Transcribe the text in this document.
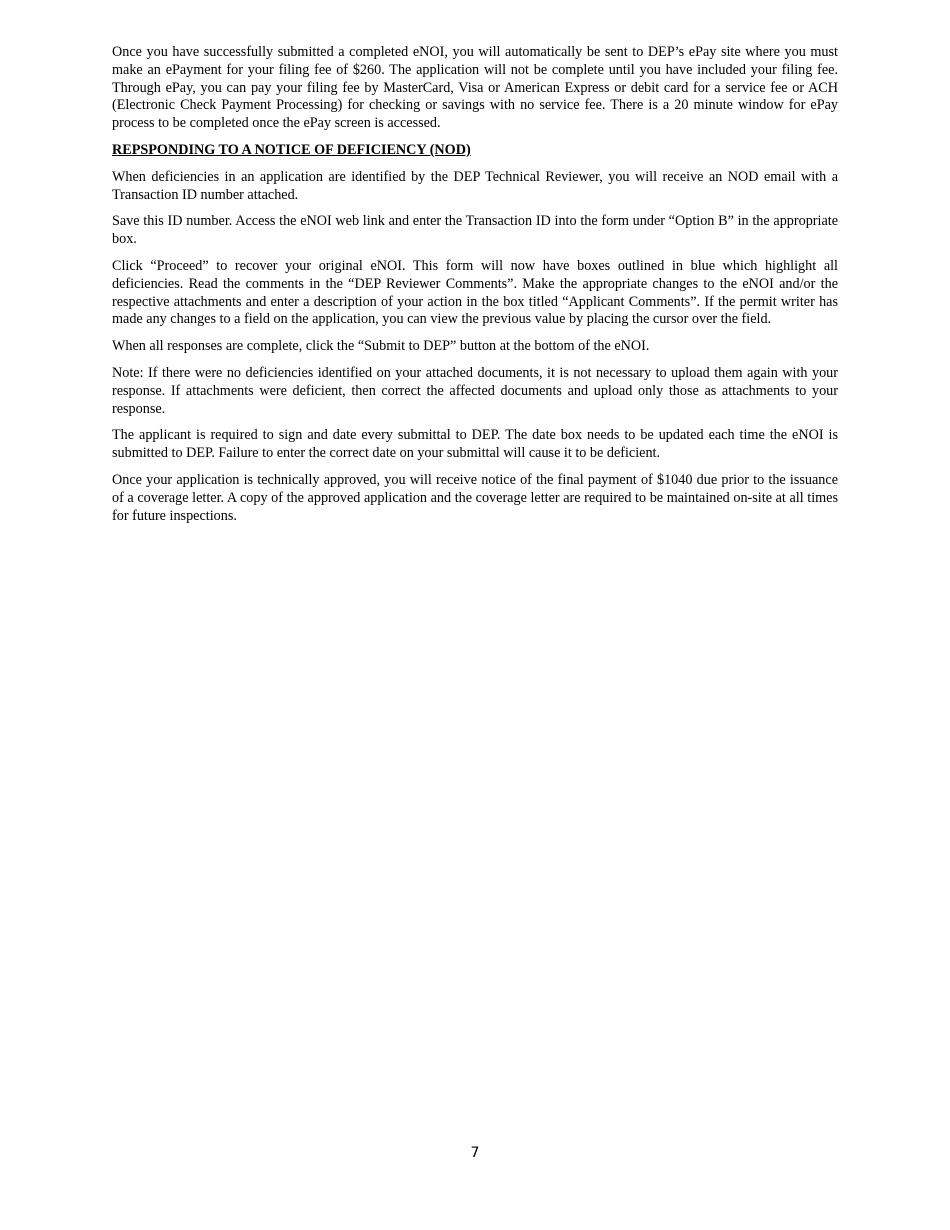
Once you have successfully submitted a completed eNOI, you will automatically be sent to DEP’s ePay site where you must make an ePayment for your filing fee of $260. The application will not be complete until you have included your filing fee. Through ePay, you can pay your filing fee by MasterCard, Visa or American Express or debit card for a service fee or ACH (Electronic Check Payment Processing) for checking or savings with no service fee. There is a 20 minute window for ePay process to be completed once the ePay screen is accessed.

REPSPONDING TO A NOTICE OF DEFICIENCY (NOD)

When deficiencies in an application are identified by the DEP Technical Reviewer, you will receive an NOD email with a Transaction ID number attached.

Save this ID number. Access the eNOI web link and enter the Transaction ID into the form under “Option B” in the appropriate box.

Click “Proceed” to recover your original eNOI. This form will now have boxes outlined in blue which highlight all deficiencies. Read the comments in the “DEP Reviewer Comments”. Make the appropriate changes to the eNOI and/or the respective attachments and enter a description of your action in the box titled “Applicant Comments”. If the permit writer has made any changes to a field on the application, you can view the previous value by placing the cursor over the field.

When all responses are complete, click the “Submit to DEP” button at the bottom of the eNOI.

Note: If there were no deficiencies identified on your attached documents, it is not necessary to upload them again with your response. If attachments were deficient, then correct the affected documents and upload only those as attachments to your response.

The applicant is required to sign and date every submittal to DEP. The date box needs to be updated each time the eNOI is submitted to DEP. Failure to enter the correct date on your submittal will cause it to be deficient.

Once your application is technically approved, you will receive notice of the final payment of $1040 due prior to the issuance of a coverage letter. A copy of the approved application and the coverage letter are required to be maintained on-site at all times for future inspections.

7
